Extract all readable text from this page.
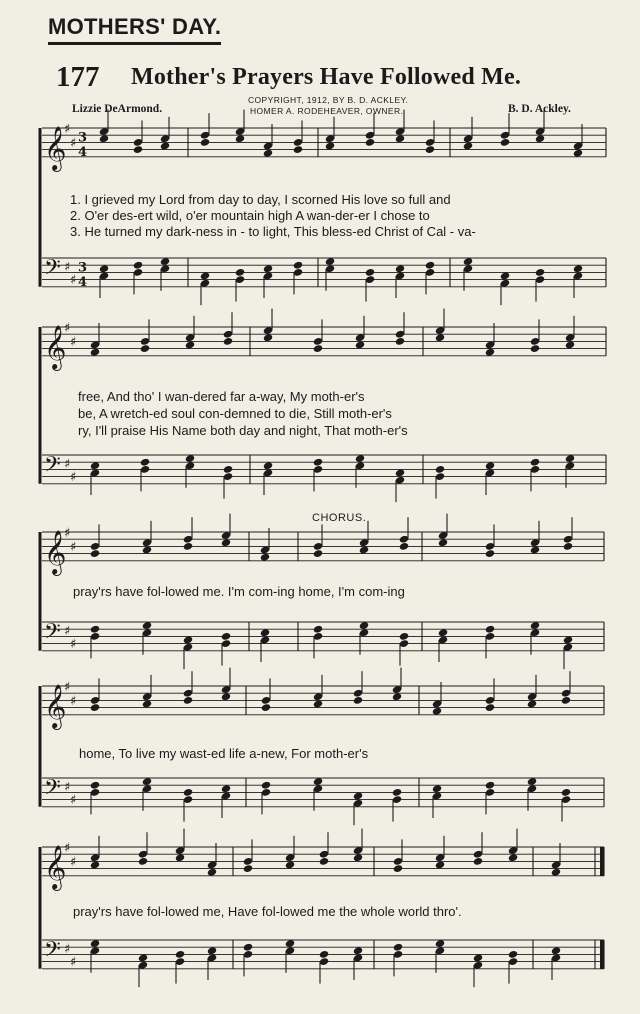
MOTHERS' DAY.
177 Mother's Prayers Have Followed Me.
Lizzie DeArmond.
COPYRIGHT, 1912, BY B. D. ACKLEY.
HOMER A. RODEHEAVER, OWNER.	B. D. Ackley.
CHORUS.
𝄞
♯
♯ 3
4
𝄢 ♯
♯
3
4
𝄞
♯
♯
𝄢 ♯
♯
𝄞
♯
♯
𝄢 ♯
♯
𝄞
♯
♯
𝄢 ♯
♯
𝄞
♯
♯
𝄢 ♯
♯
1. I grieved my Lord from day to day, I scorned His love so full and
2. O'er des-ert wild, o'er mountain high A wan-der-er I chose to
3. He turned my dark-ness in - to light, This bless-ed Christ of Cal - va-
free, And tho' I wan-dered far a-way, My moth-er's
be, A wretch-ed soul con-demned to die, Still moth-er's
ry, I'll praise His Name both day and night, That moth-er's
pray'rs have fol-lowed me. I'm com-ing home, I'm com-ing
home, To live my wast-ed life a-new, For moth-er's
pray'rs have fol-lowed me, Have fol-lowed me the whole world thro'.
